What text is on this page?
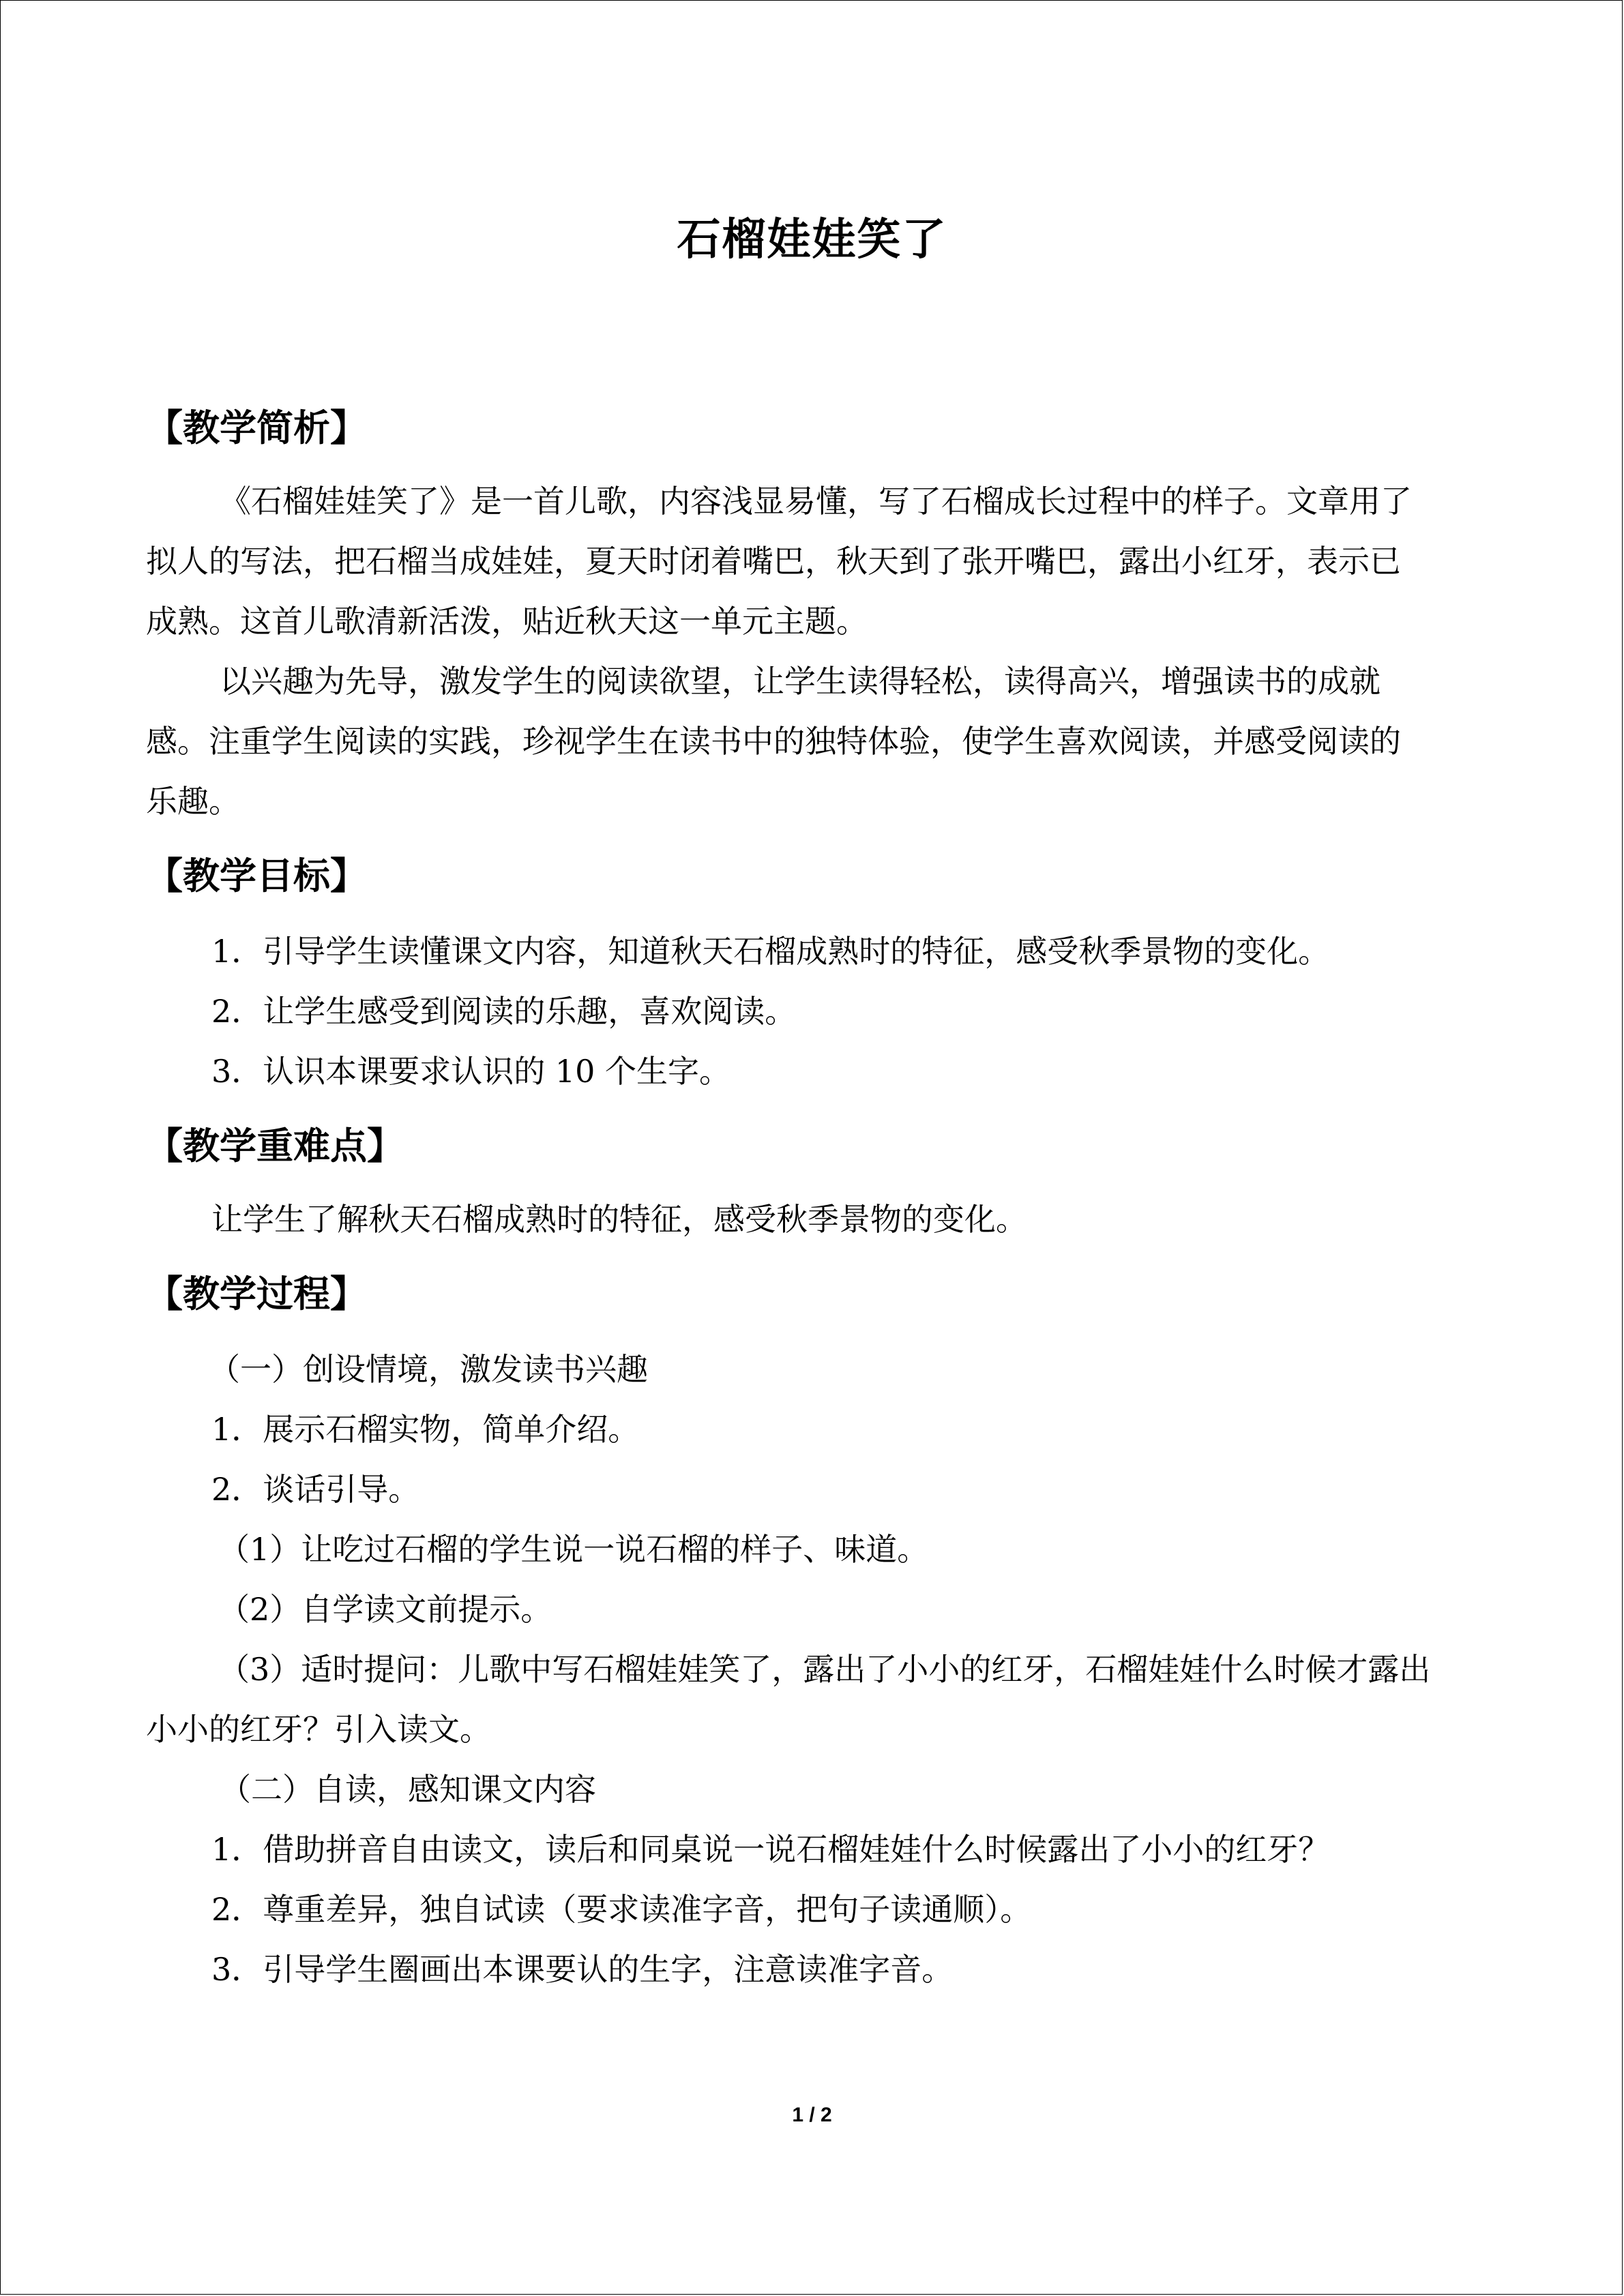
石榴娃娃笑了
【教学简析】
《石榴娃娃笑了》是一首儿歌，内容浅显易懂，写了石榴成长过程中的样子。文章用了
拟人的写法，把石榴当成娃娃，夏天时闭着嘴巴，秋天到了张开嘴巴，露出小红牙，表示已
成熟。这首儿歌清新活泼，贴近秋天这一单元主题。
以兴趣为先导，激发学生的阅读欲望，让学生读得轻松，读得高兴，增强读书的成就
感。注重学生阅读的实践，珍视学生在读书中的独特体验，使学生喜欢阅读，并感受阅读的
乐趣。
【教学目标】
1．引导学生读懂课文内容，知道秋天石榴成熟时的特征，感受秋季景物的变化。
2．让学生感受到阅读的乐趣，喜欢阅读。
3．认识本课要求认识的 10 个生字。
【教学重难点】
让学生了解秋天石榴成熟时的特征，感受秋季景物的变化。
【教学过程】
（一）创设情境，激发读书兴趣
1．展示石榴实物，简单介绍。
2．谈话引导。
（1）让吃过石榴的学生说一说石榴的样子、味道。
（2）自学读文前提示。
（3）适时提问：儿歌中写石榴娃娃笑了，露出了小小的红牙，石榴娃娃什么时候才露出
小小的红牙？引入读文。
（二）自读，感知课文内容
1．借助拼音自由读文，读后和同桌说一说石榴娃娃什么时候露出了小小的红牙？
2．尊重差异，独自试读（要求读准字音，把句子读通顺）。
3．引导学生圈画出本课要认的生字，注意读准字音。
1 / 2
